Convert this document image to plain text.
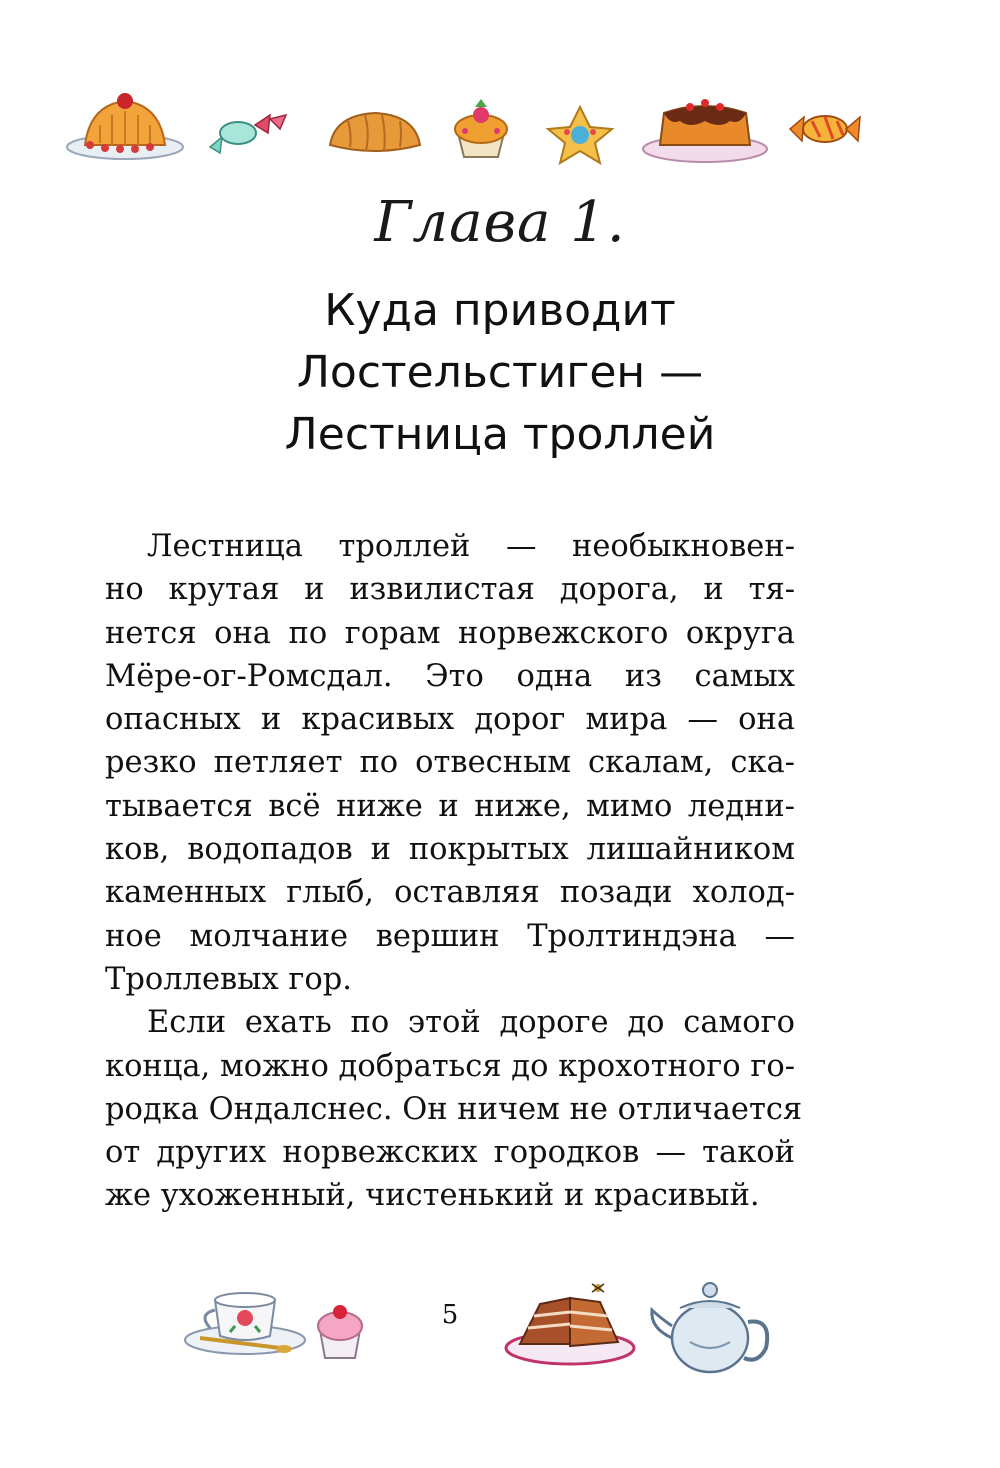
Глава 1.
Куда приводит
Лостельстиген —
Лестница троллей
Лестница троллей — необыкновен-
но крутая и извилистая дорога, и тя-
нется она по горам норвежского округа
Мёре-ог-Ромсдал. Это одна из самых
опасных и красивых дорог мира — она
резко петляет по отвесным скалам, ска-
тывается всё ниже и ниже, мимо ледни-
ков, водопадов и покрытых лишайником
каменных глыб, оставляя позади холод-
ное молчание вершин Тролтиндэна —
Троллевых гор.
Если ехать по этой дороге до самого
конца, можно добраться до крохотного го-
родка Ондалснес. Он ничем не отличается
от других норвежских городков — такой
же ухоженный, чистенький и красивый.
5
